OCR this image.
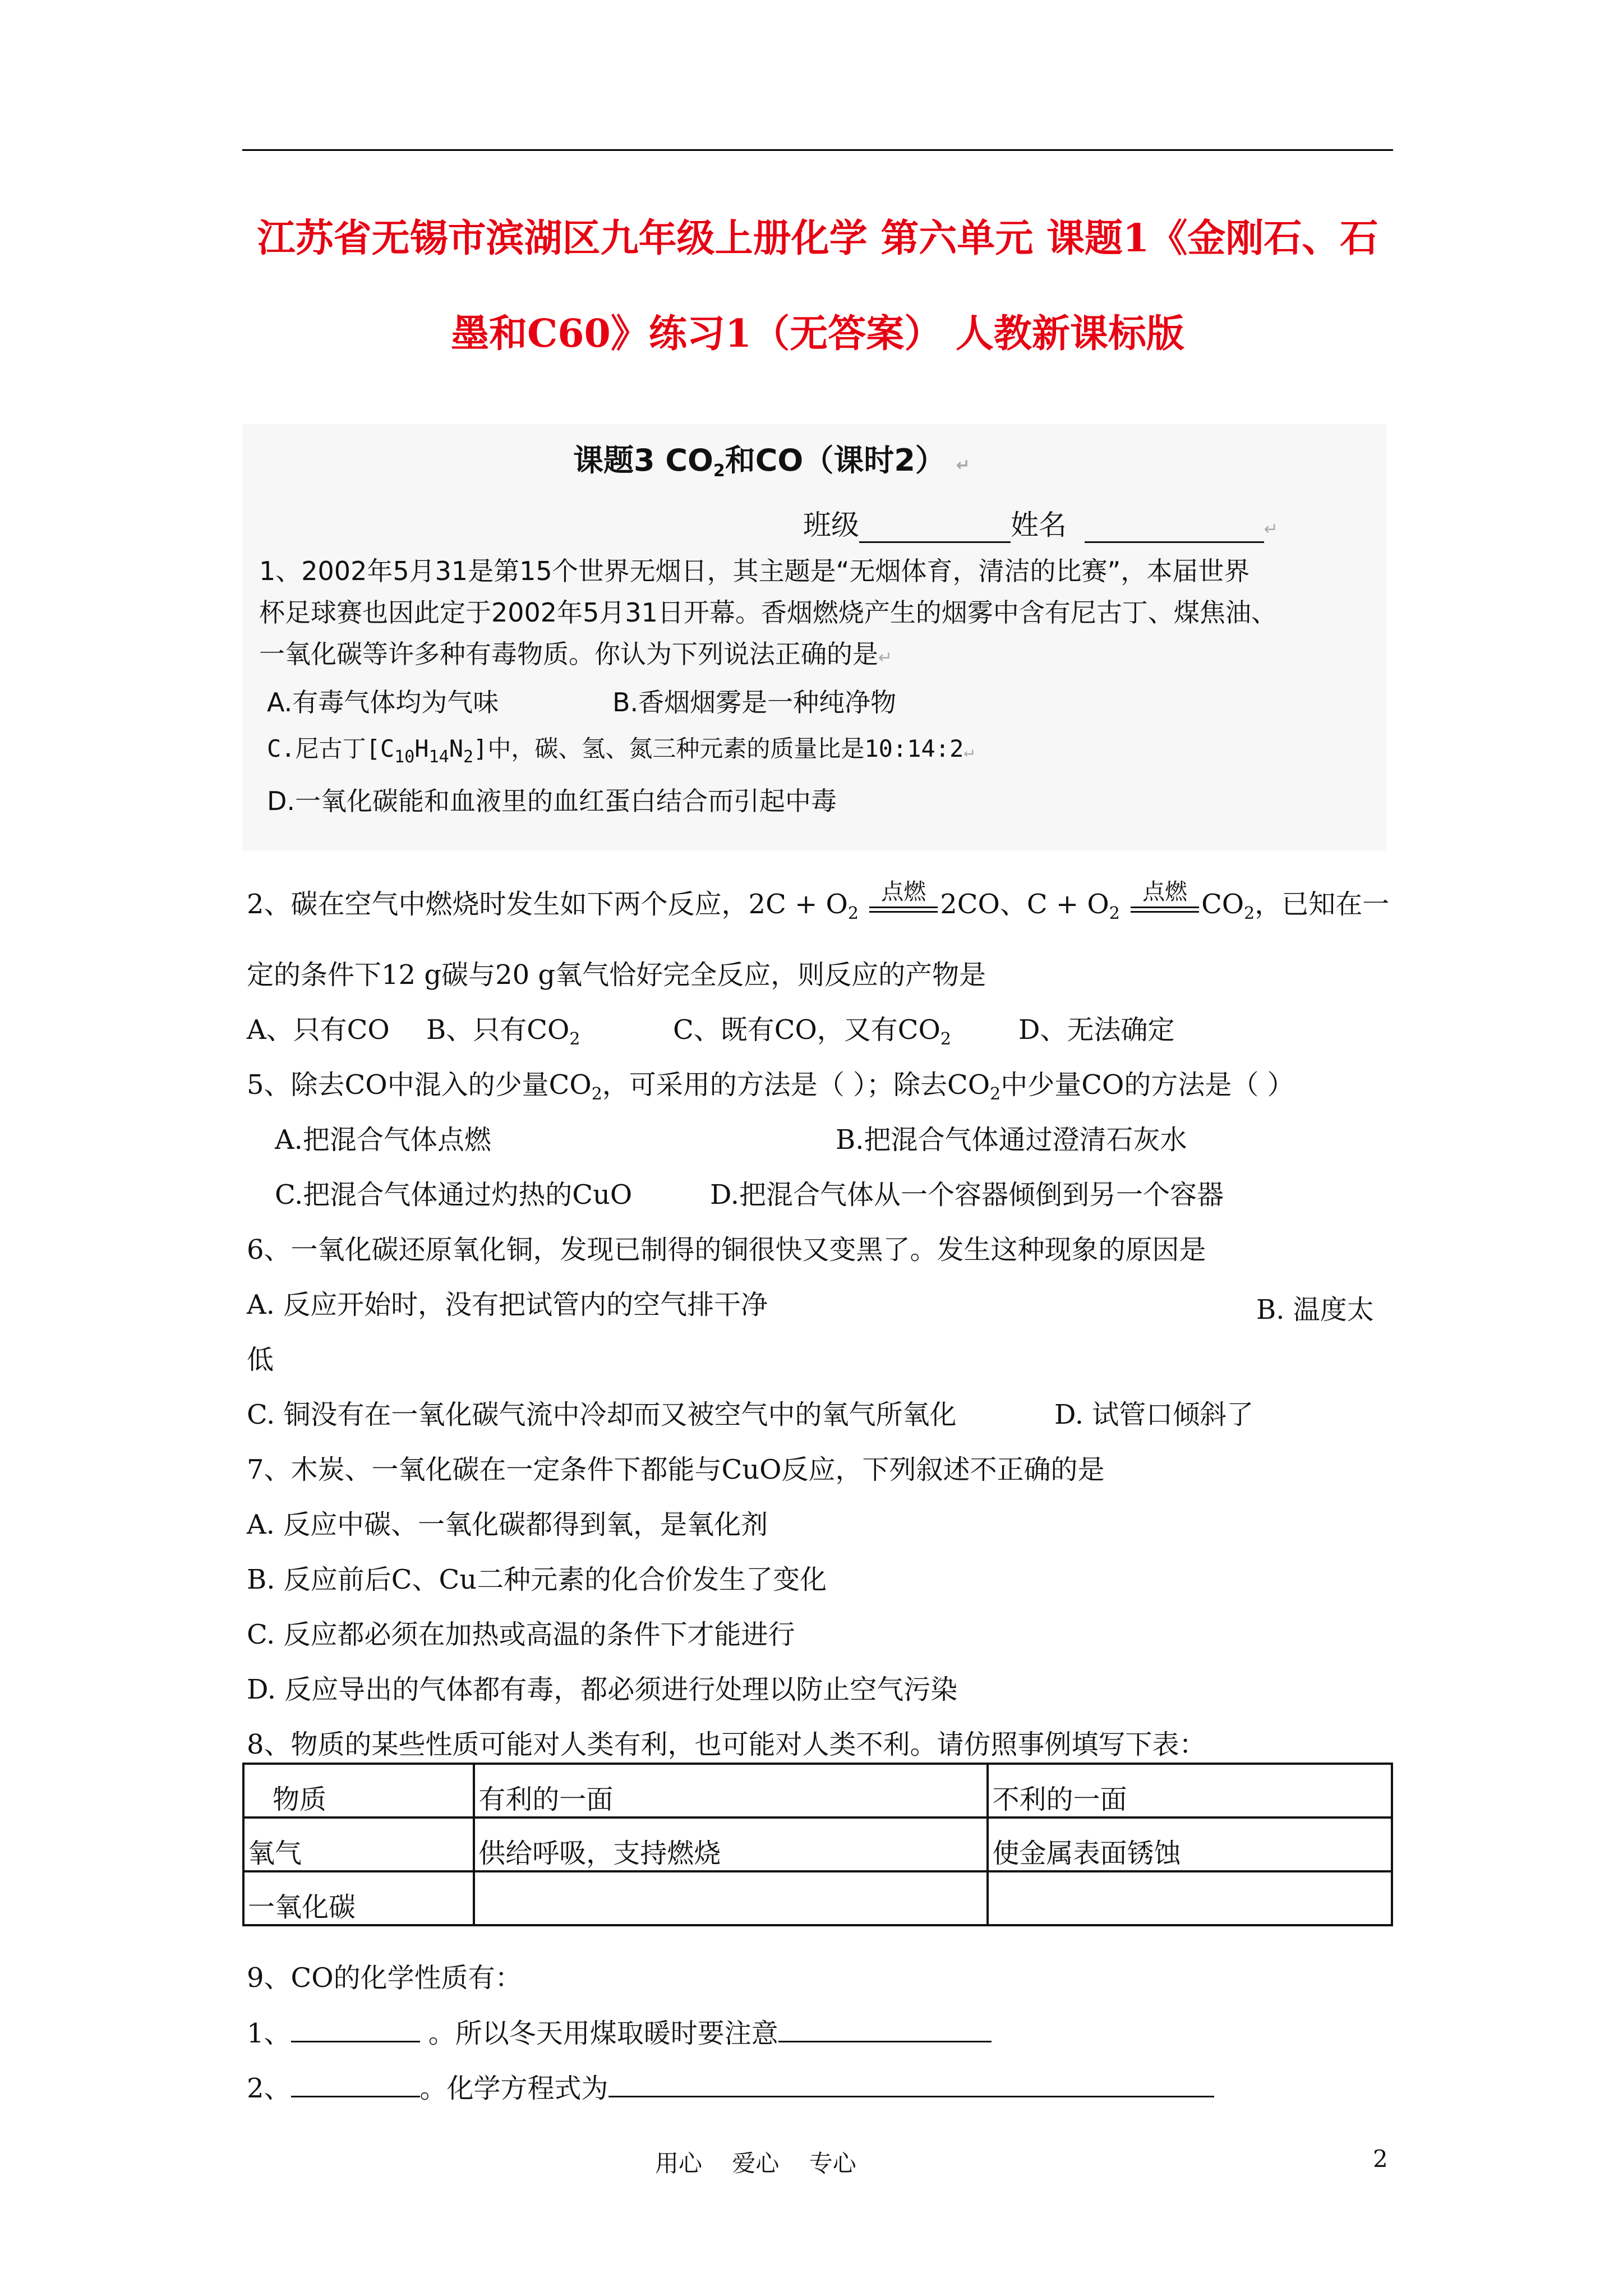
江苏省无锡市滨湖区九年级上册化学 第六单元 课题1《金刚石、石
墨和C60》练习1（无答案） 人教新课标版
课题3 $CO_2$和CO（课时2） ↵
班级	姓名	↵
1、2002年5月31是第15个世界无烟日，其主题是“无烟体育，清洁的比赛”，本届世界
杯足球赛也因此定于2002年5月31日开幕。香烟燃烧产生的烟雾中含有尼古丁、煤焦油、
一氧化碳等许多种有毒物质。你认为下列说法正确的是↵
A.有毒气体均为气味	B.香烟烟雾是一种纯净物
C.尼古丁$[C_{10}H_{14}N_2]$中，碳、氢、氮三种元素的质量比是10:14:2↵
D.一氧化碳能和血液里的血红蛋白结合而引起中毒
2、碳在空气中燃烧时发生如下两个反应，$2C + O_2$
点燃 2CO、$C + O_2$
点燃 $CO_2$，已知在一
定的条件下12 g碳与20 g氧气恰好完全反应，则反应的产物是
A、只有CO B、只有$CO_2$	C、既有CO，又有$CO_2$	D、无法确定
5、除去CO中混入的少量$CO_2$，可采用的方法是（ ）；除去$CO_2$中少量CO的方法是（ ）
A.把混合气体点燃	B.把混合气体通过澄清石灰水
C.把混合气体通过灼热的CuO	D.把混合气体从一个容器倾倒到另一个容器
6、一氧化碳还原氧化铜，发现已制得的铜很快又变黑了。发生这种现象的原因是
A. 反应开始时，没有把试管内的空气排干净	B. 温度太
低
C. 铜没有在一氧化碳气流中冷却而又被空气中的氧气所氧化	D. 试管口倾斜了
7、木炭、一氧化碳在一定条件下都能与CuO反应，下列叙述不正确的是
A. 反应中碳、一氧化碳都得到氧，是氧化剂
B. 反应前后C、Cu二种元素的化合价发生了变化
C. 反应都必须在加热或高温的条件下才能进行
D. 反应导出的气体都有毒，都必须进行处理以防止空气污染
8、物质的某些性质可能对人类有利，也可能对人类不利。请仿照事例填写下表：
物质	有利的一面	不利的一面
氧气	供给呼吸，支持燃烧	使金属表面锈蚀
一氧化碳		
9、CO的化学性质有：
1、	。所以冬天用煤取暖时要注意
2、	。化学方程式为
用心    爱心    专心	2
